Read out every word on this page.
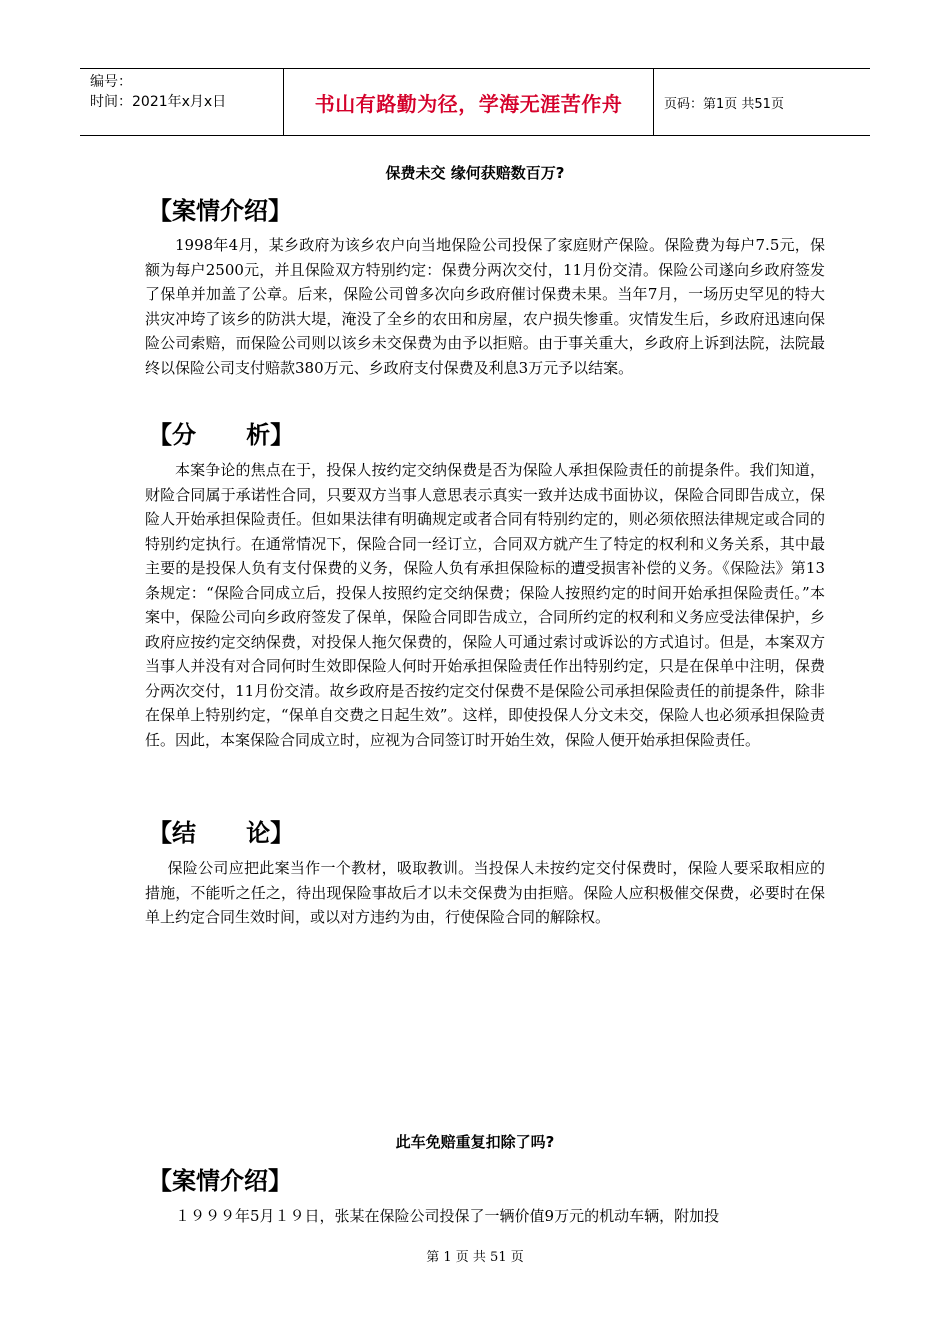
编号：
时间：2021年x月x日	书山有路勤为径，学海无涯苦作舟	页码：第1页 共51页
保费未交 缘何获赔数百万?
【案情介绍】

1998年4月，某乡政府为该乡农户向当地保险公司投保了家庭财产保险。保险费为每户7.5元，保额为每户2500元，并且保险双方特别约定：保费分两次交付，11月份交清。保险公司遂向乡政府签发了保单并加盖了公章。后来，保险公司曾多次向乡政府催讨保费未果。当年7月，一场历史罕见的特大洪灾冲垮了该乡的防洪大堤，淹没了全乡的农田和房屋，农户损失惨重。灾情发生后，乡政府迅速向保险公司索赔，而保险公司则以该乡未交保费为由予以拒赔。由于事关重大，乡政府上诉到法院，法院最终以保险公司支付赔款380万元、乡政府支付保费及利息3万元予以结案。

【分      析】

本案争论的焦点在于，投保人按约定交纳保费是否为保险人承担保险责任的前提条件。我们知道，财险合同属于承诺性合同，只要双方当事人意思表示真实一致并达成书面协议，保险合同即告成立，保险人开始承担保险责任。但如果法律有明确规定或者合同有特别约定的，则必须依照法律规定或合同的特别约定执行。在通常情况下，保险合同一经订立，合同双方就产生了特定的权利和义务关系，其中最主要的是投保人负有支付保费的义务，保险人负有承担保险标的遭受损害补偿的义务。《保险法》第13条规定：“保险合同成立后，投保人按照约定交纳保费；保险人按照约定的时间开始承担保险责任。”本案中，保险公司向乡政府签发了保单，保险合同即告成立，合同所约定的权利和义务应受法律保护，乡政府应按约定交纳保费，对投保人拖欠保费的，保险人可通过索讨或诉讼的方式追讨。但是，本案双方当事人并没有对合同何时生效即保险人何时开始承担保险责任作出特别约定，只是在保单中注明，保费分两次交付，11月份交清。故乡政府是否按约定交付保费不是保险公司承担保险责任的前提条件，除非在保单上特别约定，“保单自交费之日起生效”。这样，即使投保人分文未交，保险人也必须承担保险责任。因此，本案保险合同成立时，应视为合同签订时开始生效，保险人便开始承担保险责任。

【结      论】

保险公司应把此案当作一个教材，吸取教训。当投保人未按约定交付保费时，保险人要采取相应的措施，不能听之任之，待出现保险事故后才以未交保费为由拒赔。保险人应积极催交保费，必要时在保单上约定合同生效时间，或以对方违约为由，行使保险合同的解除权。

此车免赔重复扣除了吗?
【案情介绍】

１９９９年5月１９日，张某在保险公司投保了一辆价值9万元的机动车辆，附加投

第 1 页 共 51 页
